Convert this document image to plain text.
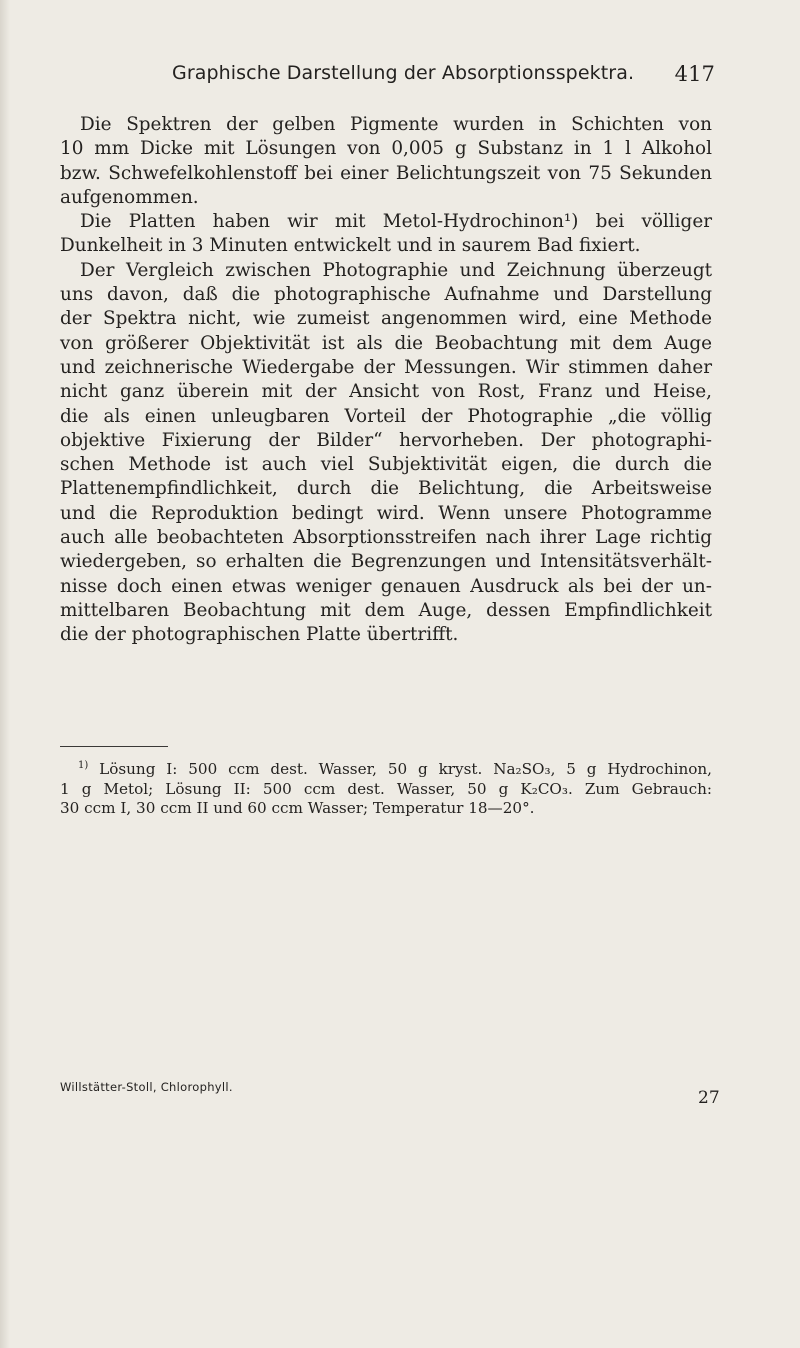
Graphische Darstellung der Absorptionsspektra. 417

Die Spektren der gelben Pigmente wurden in Schichten von

10 mm Dicke mit Lösungen von 0,005 g Substanz in 1 l Alkohol

bzw. Schwefelkohlenstoff bei einer Belichtungszeit von 75 Sekunden

aufgenommen.

Die Platten haben wir mit Metol-Hydrochinon¹) bei völliger

Dunkelheit in 3 Minuten entwickelt und in saurem Bad fixiert.

Der Vergleich zwischen Photographie und Zeichnung überzeugt

uns davon, daß die photographische Aufnahme und Darstellung

der Spektra nicht, wie zumeist angenommen wird, eine Methode

von größerer Objektivität ist als die Beobachtung mit dem Auge

und zeichnerische Wiedergabe der Messungen. Wir stimmen daher

nicht ganz überein mit der Ansicht von Rost, Franz und Heise,

die als einen unleugbaren Vorteil der Photographie „die völlig

objektive Fixierung der Bilder“ hervorheben. Der photographi-

schen Methode ist auch viel Subjektivität eigen, die durch die

Plattenempfindlichkeit, durch die Belichtung, die Arbeitsweise

und die Reproduktion bedingt wird. Wenn unsere Photogramme

auch alle beobachteten Absorptionsstreifen nach ihrer Lage richtig

wiedergeben, so erhalten die Begrenzungen und Intensitätsverhält-

nisse doch einen etwas weniger genauen Ausdruck als bei der un-

mittelbaren Beobachtung mit dem Auge, dessen Empfindlichkeit

die der photographischen Platte übertrifft.

$^{1)}$ Lösung I: 500 ccm dest. Wasser, 50 g kryst. Na₂SO₃, 5 g Hydrochinon,

1 g Metol; Lösung II: 500 ccm dest. Wasser, 50 g K₂CO₃. Zum Gebrauch:

30 ccm I, 30 ccm II und 60 ccm Wasser; Temperatur 18—20°.

Willstätter-Stoll, Chlorophyll.
27
